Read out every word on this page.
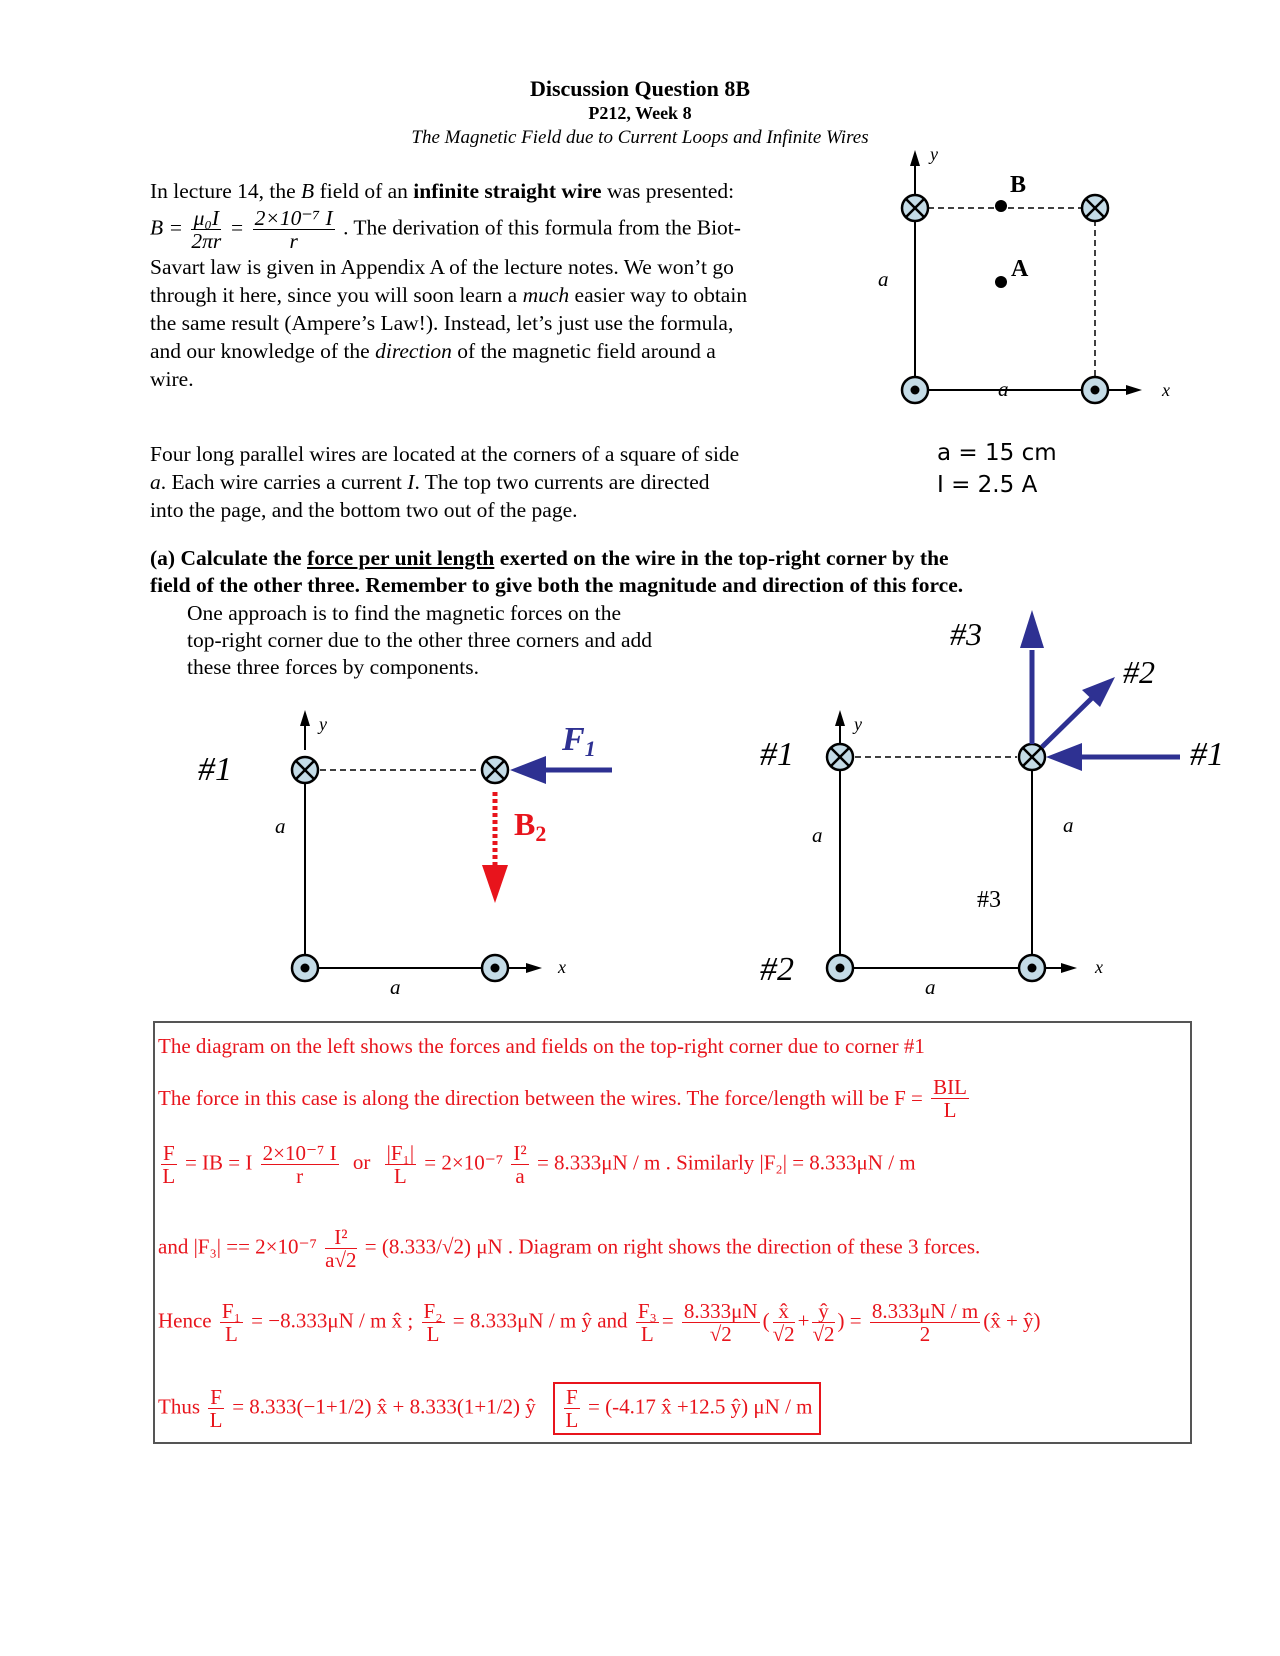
Discussion Question 8B
P212, Week 8
The Magnetic Field due to Current Loops and Infinite Wires
In lecture 14, the B field of an infinite straight wire was presented:
$B = \frac{\text{μ₀I}}{2\pi r} = \frac{\text{2×10⁻⁷ I}}{r}$ . The derivation of this formula from the Biot-
Savart law is given in Appendix A of the lecture notes. We won’t go
through it here, since you will soon learn a much easier way to obtain
the same result (Ampere’s Law!). Instead, let’s just use the formula,
and our knowledge of the direction of the magnetic field around a
wire.
Four long parallel wires are located at the corners of a square of side
a. Each wire carries a current I. The top two currents are directed
into the page, and the bottom two out of the page.
a = 15 cm
I = 2.5 A
y
x
B
A
a
a
(a) Calculate the force per unit length exerted on the wire in the top-right corner by the
field of the other three. Remember to give both the magnitude and direction of this force.
One approach is to find the magnetic forces on the
top-right corner due to the other three corners and add
these three forces by components.
#1
y
x
F1
B2
a
a
#1
#2
y
x
#3
#2
#1
#3
a	a
a
The diagram on the left shows the forces and fields on the top-right corner due to corner #1
The force in this case is along the direction between the wires. The force/length will be $F = \frac{\text{BIL}}{L}$
$\frac{F}{L}$ = IB = I $\frac{\text{2×10⁻⁷ I}}{r}$ or $\frac{\text{|F₁|}}{L} = 2\times 10^{-7} \frac{\text{I²}}{a} = 8.333\mu N / m$ . Similarly |F₂| = 8.333μN / m
and $|F_3| == 2\times 10^{-7} \frac{\text{I²}}{a√2} = (8.333/√2)$ μN . Diagram on right shows the direction of these 3 forces.
Hence $\frac{\text{F₁}}{L} = -8.333\mu N / m$ x̂ ; $\frac{\text{F₂}}{L} = 8.333\mu N / m$ ŷ and $\frac{\text{F₃}}{L} = \frac{8.333\mu N}{√2}$ ( $\frac{x̂}{√2} + \frac{ŷ}{√2}$ ) = $\frac{8.333\mu N / m}{2}$ (x̂ + ŷ)
Thus $\frac{F}{L} = 8.333(-1+1/2)$ x̂ + 8.333(1+1/2) ŷ $\frac{F}{L} = (-4.17$ x̂ +12.5 ŷ) μN / m
